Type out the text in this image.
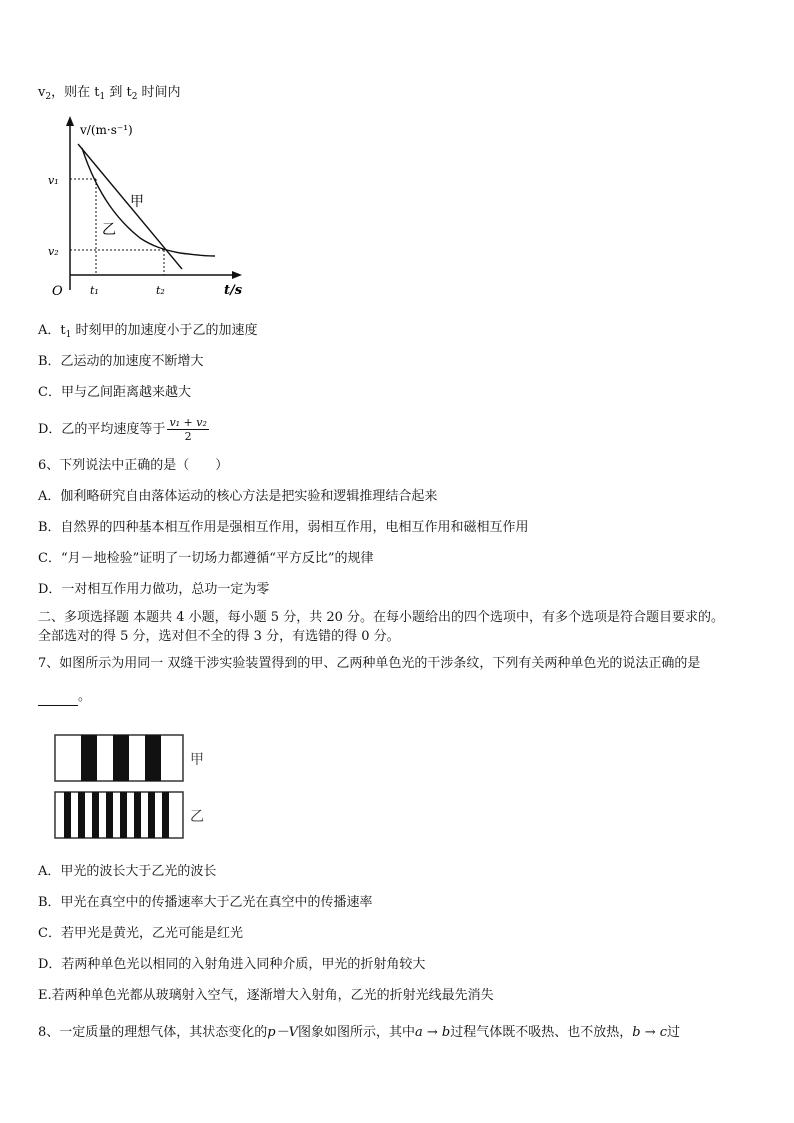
$v_2$，则在 $t_1$ 到 $t_2$ 时间内
v/(m·s⁻¹)
v₁
v₂
O t₁	t₂	t/s
甲
乙
A．$t_1$ 时刻甲的加速度小于乙的加速度
B．乙运动的加速度不断增大
C．甲与乙间距离越来越大
D．乙的平均速度等于 $\frac{\text{v₁ + v₂}}{2}$
6、下列说法中正确的是（　　）
A．伽利略研究自由落体运动的核心方法是把实验和逻辑推理结合起来
B．自然界的四种基本相互作用是强相互作用，弱相互作用，电相互作用和磁相互作用
C．“月－地检验”证明了一切场力都遵循“平方反比”的规律
D．一对相互作用力做功，总功一定为零
二、多项选择题 本题共 4 小题，每小题 5 分，共 20 分。在每小题给出的四个选项中，有多个选项是符合题目要求的。
全部选对的得 5 分，选对但不全的得 3 分，有选错的得 0 分。
7、如图所示为用同一 双缝干涉实验装置得到的甲、乙两种单色光的干涉条纹，下列有关两种单色光的说法正确的是
。
甲
乙
A．甲光的波长大于乙光的波长
B．甲光在真空中的传播速率大于乙光在真空中的传播速率
C．若甲光是黄光，乙光可能是红光
D．若两种单色光以相同的入射角进入同种介质，甲光的折射角较大
E.若两种单色光都从玻璃射入空气，逐渐增大入射角，乙光的折射光线最先消失
8、一定质量的理想气体，其状态变化的p－V图象如图所示，其中a → b过程气体既不吸热、也不放热，b → c过
